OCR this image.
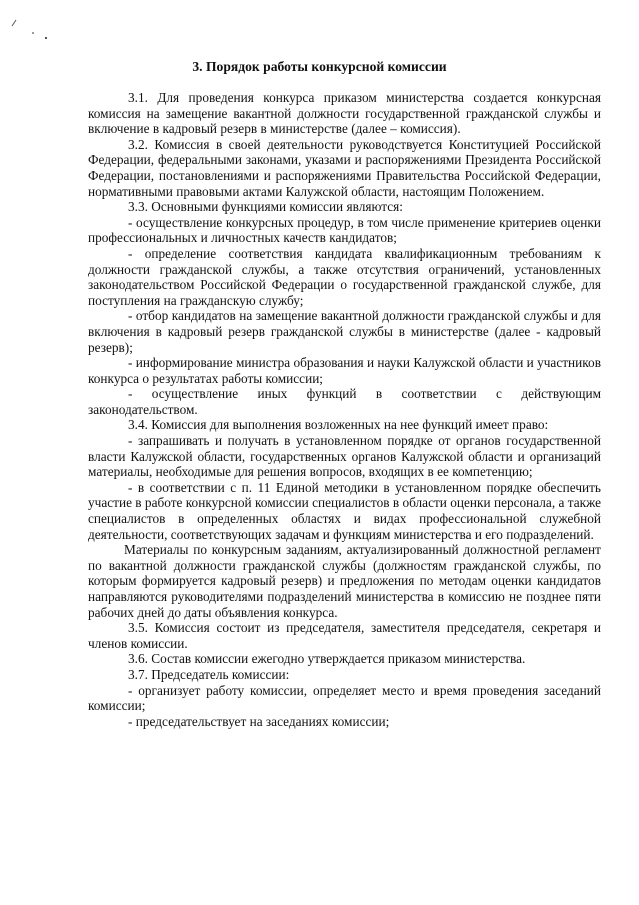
3. Порядок работы конкурсной комиссии

3.1. Для проведения конкурса приказом министерства создается конкурсная комиссия на замещение вакантной должности государственной гражданской службы и включение в кадровый резерв в министерстве (далее – комиссия).

3.2. Комиссия в своей деятельности руководствуется Конституцией Российской Федерации, федеральными законами, указами и распоряжениями Президента Российской Федерации, постановлениями и распоряжениями Правительства Российской Федерации, нормативными правовыми актами Калужской области, настоящим Положением.

3.3. Основными функциями комиссии являются:

- осуществление конкурсных процедур, в том числе применение критериев оценки профессиональных и личностных качеств кандидатов;

- определение соответствия кандидата квалификационным требованиям к должности гражданской службы, а также отсутствия ограничений, установленных законодательством Российской Федерации о государственной гражданской службе, для поступления на гражданскую службу;

- отбор кандидатов на замещение вакантной должности гражданской службы и для включения в кадровый резерв гражданской службы в министерстве (далее - кадровый резерв);

- информирование министра образования и науки Калужской области и участников конкурса о результатах работы комиссии;

- осуществление иных функций в соответствии с действующим законодательством.

3.4. Комиссия для выполнения возложенных на нее функций имеет право:

- запрашивать и получать в установленном порядке от органов государственной власти Калужской области, государственных органов Калужской области и организаций материалы, необходимые для решения вопросов, входящих в ее компетенцию;

- в соответствии с п. 11 Единой методики в установленном порядке обеспечить участие в работе конкурсной комиссии специалистов в области оценки персонала, а также специалистов в определенных областях и видах профессиональной служебной деятельности, соответствующих задачам и функциям министерства и его подразделений.

Материалы по конкурсным заданиям, актуализированный должностной регламент по вакантной должности гражданской службы (должностям гражданской службы, по которым формируется кадровый резерв) и предложения по методам оценки кандидатов направляются руководителями подразделений министерства в комиссию не позднее пяти рабочих дней до даты объявления конкурса.

3.5. Комиссия состоит из председателя, заместителя председателя, секретаря и членов комиссии.

3.6. Состав комиссии ежегодно утверждается приказом министерства.

3.7. Председатель комиссии:

- организует работу комиссии, определяет место и время проведения заседаний комиссии;

- председательствует на заседаниях комиссии;
